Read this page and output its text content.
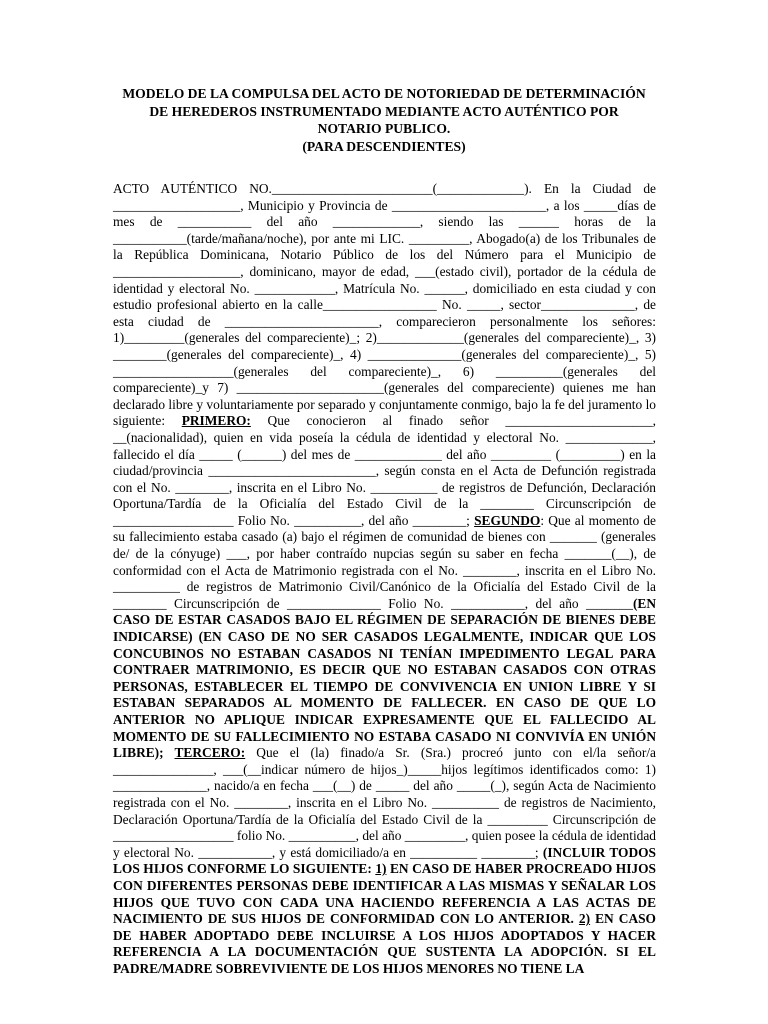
MODELO DE LA COMPULSA DEL ACTO DE NOTORIEDAD DE DETERMINACIÓN
DE HEREDEROS INSTRUMENTADO MEDIANTE ACTO AUTÉNTICO POR
NOTARIO PUBLICO.
(PARA DESCENDIENTES)
ACTO AUTÉNTICO NO.________________________(_____________). En la Ciudad de ___________________, Municipio y Provincia de _______________________, a los _____días de mes de ___________ del año _____________, siendo las ______ horas de la ___________(tarde/mañana/noche), por ante mi LIC. _________, Abogado(a) de los Tribunales de la República Dominicana, Notario Público de los del Número para el Municipio de ___________________, dominicano, mayor de edad, ___(estado civil), portador de la cédula de identidad y electoral No. ____________, Matrícula No. ______, domiciliado en esta ciudad y con estudio profesional abierto en la calle_________________ No. _____, sector______________, de esta ciudad de _______________________, comparecieron personalmente los señores: 1)_________(generales del compareciente)_; 2)_____________(generales del compareciente)_, 3) ________(generales del compareciente)_, 4) ______________(generales del compareciente)_, 5) __________________(generales del compareciente)_, 6) __________(generales del compareciente)_y 7) ______________________(generales del compareciente) quienes me han declarado libre y voluntariamente por separado y conjuntamente conmigo, bajo la fe del juramento lo siguiente: PRIMERO: Que conocieron al finado señor ______________________, __(nacionalidad), quien en vida poseía la cédula de identidad y electoral No. _____________, fallecido el día _____ (______) del mes de _____________ del año _________ (_________) en la ciudad/provincia _________________________, según consta en el Acta de Defunción registrada con el No. ________, inscrita en el Libro No. __________ de registros de Defunción, Declaración Oportuna/Tardía de la Oficialía del Estado Civil de la ________ Circunscripción de __________________ Folio No. __________, del año ________; SEGUNDO: Que al momento de su fallecimiento estaba casado (a) bajo el régimen de comunidad de bienes con _______ (generales de/ de la cónyuge) ___, por haber contraído nupcias según su saber en fecha _______(__), de conformidad con el Acta de Matrimonio registrada con el No. ________, inscrita en el Libro No. __________ de registros de Matrimonio Civil/Canónico de la Oficialía del Estado Civil de la ________ Circunscripción de ______________ Folio No. ___________, del año _______(EN CASO DE ESTAR CASADOS BAJO EL RÉGIMEN DE SEPARACIÓN DE BIENES DEBE INDICARSE) (EN CASO DE NO SER CASADOS LEGALMENTE, INDICAR QUE LOS CONCUBINOS NO ESTABAN CASADOS NI TENÍAN IMPEDIMENTO LEGAL PARA CONTRAER MATRIMONIO, ES DECIR QUE NO ESTABAN CASADOS CON OTRAS PERSONAS, ESTABLECER EL TIEMPO DE CONVIVENCIA EN UNION LIBRE Y SI ESTABAN SEPARADOS AL MOMENTO DE FALLECER. EN CASO DE QUE LO ANTERIOR NO APLIQUE INDICAR EXPRESAMENTE QUE EL FALLECIDO AL MOMENTO DE SU FALLECIMIENTO NO ESTABA CASADO NI CONVIVÍA EN UNIÓN LIBRE); TERCERO: Que el (la) finado/a Sr. (Sra.) procreó junto con el/la señor/a _______________, ___(__indicar número de hijos_)_____hijos legítimos identificados como: 1) ______________, nacido/a en fecha ___(__) de _____ del año _____(_), según Acta de Nacimiento registrada con el No. ________, inscrita en el Libro No. __________ de registros de Nacimiento, Declaración Oportuna/Tardía de la Oficialía del Estado Civil de la _________ Circunscripción de __________________ folio No. __________, del año _________, quien posee la cédula de identidad y electoral No. ___________, y está domiciliado/a en __________ ________; (INCLUIR TODOS LOS HIJOS CONFORME LO SIGUIENTE: 1) EN CASO DE HABER PROCREADO HIJOS CON DIFERENTES PERSONAS DEBE IDENTIFICAR A LAS MISMAS Y SEÑALAR LOS HIJOS QUE TUVO CON CADA UNA HACIENDO REFERENCIA A LAS ACTAS DE NACIMIENTO DE SUS HIJOS DE CONFORMIDAD CON LO ANTERIOR. 2) EN CASO DE HABER ADOPTADO DEBE INCLUIRSE A LOS HIJOS ADOPTADOS Y HACER REFERENCIA A LA DOCUMENTACIÓN QUE SUSTENTA LA ADOPCIÓN. SI EL PADRE/MADRE SOBREVIVIENTE DE LOS HIJOS MENORES NO TIENE LA
